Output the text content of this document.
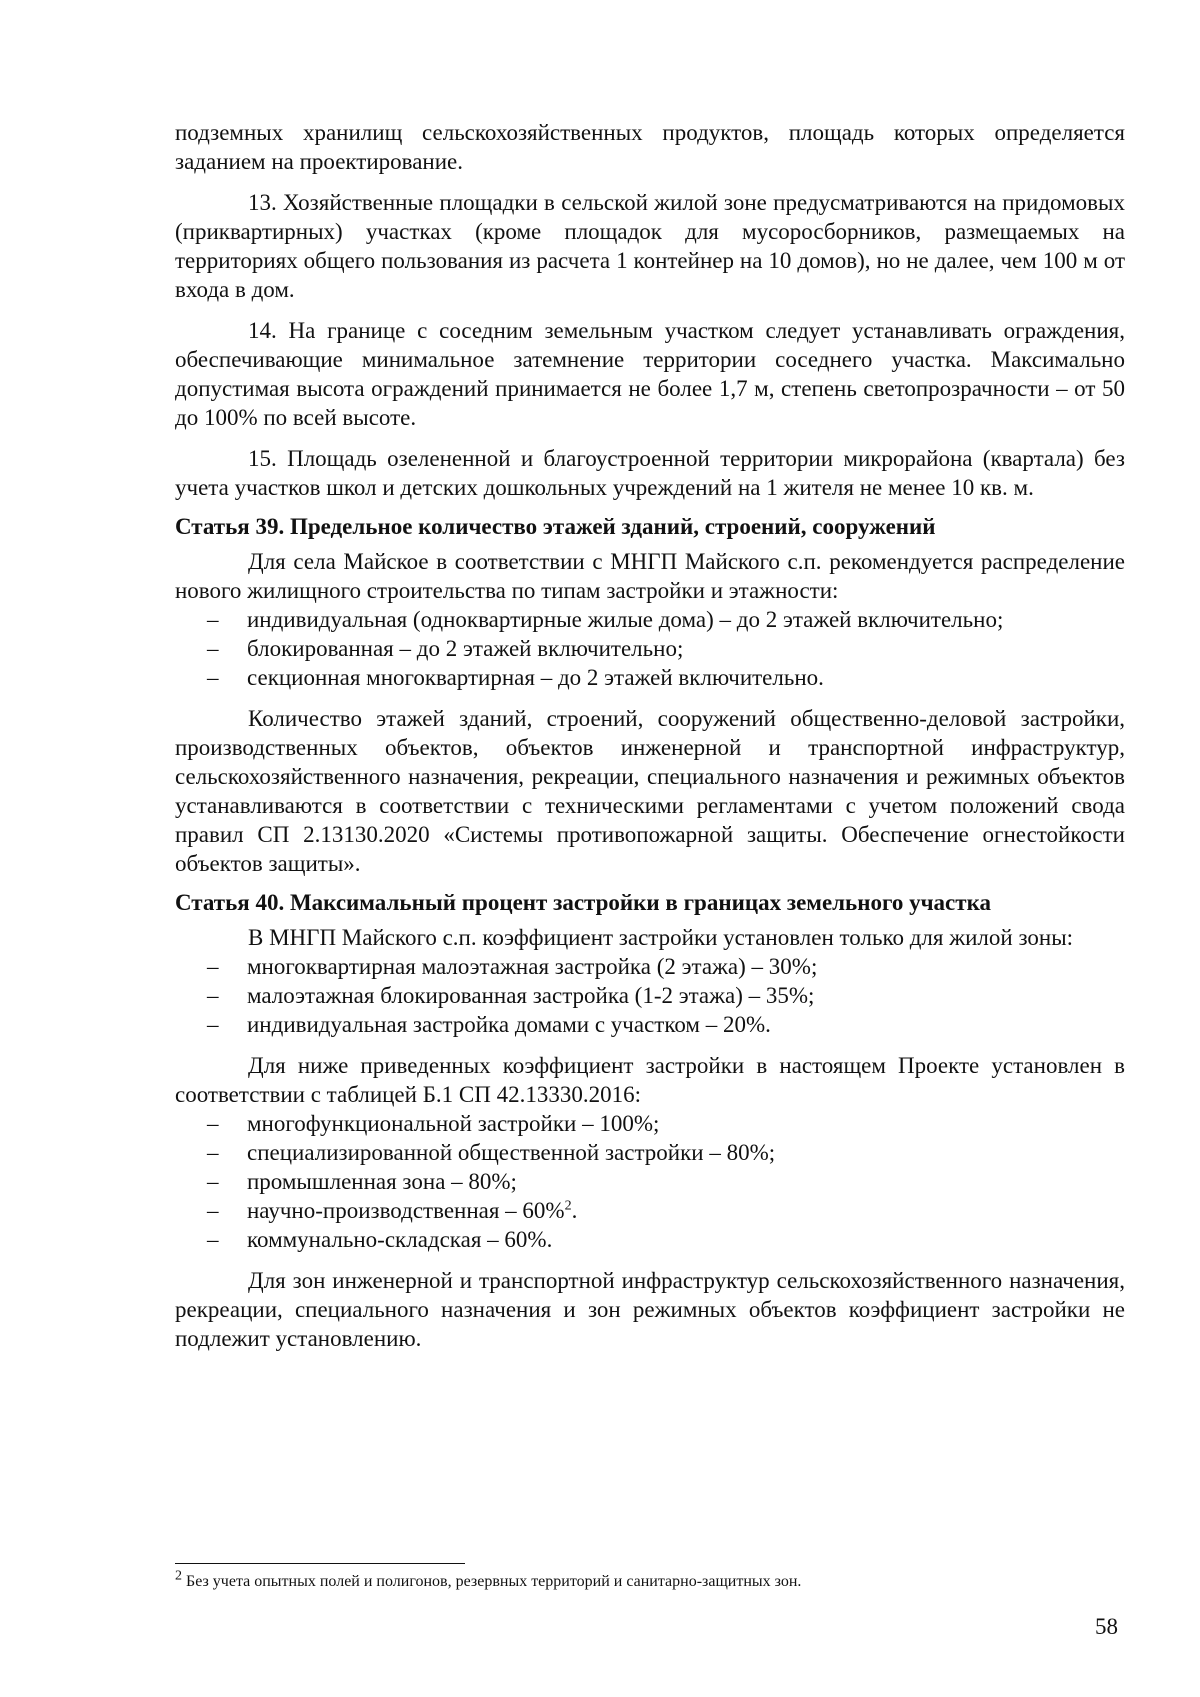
подземных хранилищ сельскохозяйственных продуктов, площадь которых определяется заданием на проектирование.

13. Хозяйственные площадки в сельской жилой зоне предусматриваются на придомовых (приквартирных) участках (кроме площадок для мусоросборников, размещаемых на территориях общего пользования из расчета 1 контейнер на 10 домов), но не далее, чем 100 м от входа в дом.

14. На границе с соседним земельным участком следует устанавливать ограждения, обеспечивающие минимальное затемнение территории соседнего участка. Максимально допустимая высота ограждений принимается не более 1,7 м, степень светопрозрачности – от 50 до 100% по всей высоте.

15. Площадь озелененной и благоустроенной территории микрорайона (квартала) без учета участков школ и детских дошкольных учреждений на 1 жителя не менее 10 кв. м.

Статья 39. Предельное количество этажей зданий, строений, сооружений

Для села Майское в соответствии с МНГП Майского с.п. рекомендуется распределение нового жилищного строительства по типам застройки и этажности:

– индивидуальная (одноквартирные жилые дома) – до 2 этажей включительно;
– блокированная – до 2 этажей включительно;
– секционная многоквартирная – до 2 этажей включительно.

Количество этажей зданий, строений, сооружений общественно-деловой застройки, производственных объектов, объектов инженерной и транспортной инфраструктур, сельскохозяйственного назначения, рекреации, специального назначения и режимных объектов устанавливаются в соответствии с техническими регламентами с учетом положений свода правил СП 2.13130.2020 «Системы противопожарной защиты. Обеспечение огнестойкости объектов защиты».

Статья 40. Максимальный процент застройки в границах земельного участка

В МНГП Майского с.п. коэффициент застройки установлен только для жилой зоны:

– многоквартирная малоэтажная застройка (2 этажа) – 30%;
– малоэтажная блокированная застройка (1-2 этажа) – 35%;
– индивидуальная застройка домами с участком – 20%.

Для ниже приведенных коэффициент застройки в настоящем Проекте установлен в соответствии с таблицей Б.1 СП 42.13330.2016:

– многофункциональной застройки – 100%;
– специализированной общественной застройки – 80%;
– промышленная зона – 80%;
– научно-производственная – 60%$^2$.
– коммунально-складская – 60%.

Для зон инженерной и транспортной инфраструктур сельскохозяйственного назначения, рекреации, специального назначения и зон режимных объектов коэффициент застройки не подлежит установлению.

$^2$ Без учета опытных полей и полигонов, резервных территорий и санитарно-защитных зон.
58
